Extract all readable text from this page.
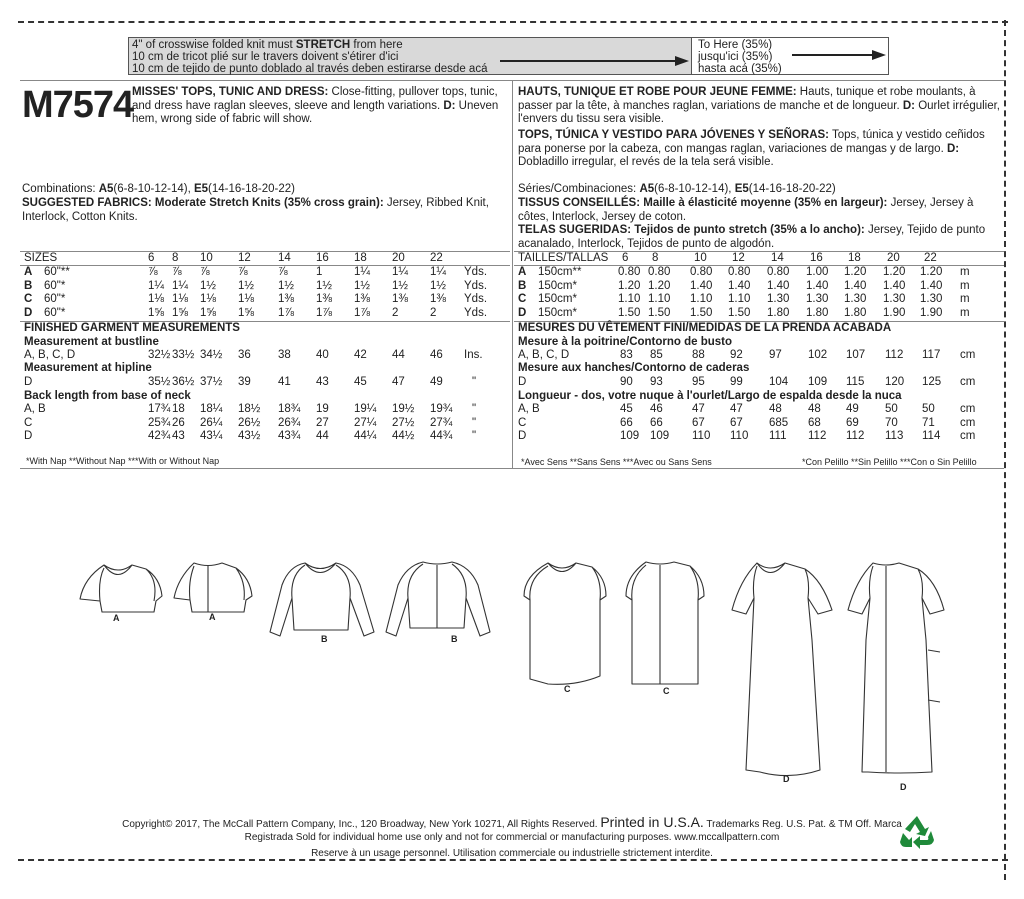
4" of crosswise folded knit must STRETCH from here
10 cm de tricot plié sur le travers doivent s'étirer d'ici
10 cm de tejido de punto doblado al través deben estirarse desde acá
To Here (35%)
jusqu'ici (35%)
hasta acá (35%)
M7574
MISSES' TOPS, TUNIC AND DRESS: Close-fitting, pullover tops, tunic, and dress have raglan sleeves, sleeve and length variations. D: Uneven hem, wrong side of fabric will show.
Combinations: A5(6-8-10-12-14), E5(14-16-18-20-22)
SUGGESTED FABRICS: Moderate Stretch Knits (35% cross grain): Jersey, Ribbed Knit, Interlock, Cotton Knits.
SIZES	6 8 10 12 14 16 18 20 22
A 60"**	⅞ ⅞ ⅞ ⅞	⅞ 1	1¼ 1¼ 1¼ Yds.
B 60"*	1¼ 1¼ 1½ 1½ 1½ 1½ 1½ 1½ 1½ Yds.
C 60"*	1⅛ 1⅛ 1⅛ 1⅛ 1⅜ 1⅜ 1⅜ 1⅜ 1⅜ Yds.
D 60"*	1⅝ 1⅝ 1⅝ 1⅝ 1⅞ 1⅞ 1⅞ 2	2 Yds.
FINISHED GARMENT MEASUREMENTS
Measurement at bustline
A, B, C, D	32½ 33½ 34½ 36 38 40 42 44 46 Ins.
Measurement at hipline
D	35½ 36½ 37½ 39 41 43 45 47 49	"
Back length from base of neck
A, B	17¾ 18 18¼ 18½ 18¾ 19 19¼ 19½ 19¾ "
C	25¾ 26 26¼ 26½ 26¾ 27 27¼ 27½ 27¾ "
D	42¾ 43 43¼ 43½ 43¾ 44 44¼ 44½ 44¾ "
TAILLES/TALLAS 6 8	10 12 14 16 18 20 22
A 150cm**	0.80 0.80 0.80 0.80 0.80 1.00 1.20 1.20 1.20 m
B 150cm*	1.20 1.20 1.40 1.40 1.40 1.40 1.40 1.40 1.40 m
C 150cm*	1.10 1.10 1.10 1.10 1.30 1.30 1.30 1.30 1.30 m
D 150cm*	1.50 1.50 1.50 1.50 1.80 1.80 1.80 1.90 1.90 m
MESURES DU VÊTEMENT FINI/MEDIDAS DE LA PRENDA ACABADA
Mesure à la poitrine/Contorno de busto
A, B, C, D	83 85	88 92 97 102 107 112 117 cm
Mesure aux hanches/Contorno de caderas
D	90 93	95 99 104 109 115 120 125 cm
Longueur - dos, votre nuque à l'ourlet/Largo de espalda desde la nuca
A, B	45 46	47 47 48 48 49 50 50 cm
C	66 66	67 67 685 68 69 70 71 cm
D	109 109 110 110 111 112 112 113 114 cm
HAUTS, TUNIQUE ET ROBE POUR JEUNE FEMME: Hauts, tunique et robe moulants, à passer par la tête, à manches raglan, variations de manche et de longueur. D: Ourlet irrégulier, l'envers du tissu sera visible.
TOPS, TÚNICA Y VESTIDO PARA JÓVENES Y SEÑORAS: Tops, túnica y vestido ceñidos para ponerse por la cabeza, con mangas raglan, variaciones de mangas y de largo. D: Dobladillo irregular, el revés de la tela será visible.
Séries/Combinaciones: A5(6-8-10-12-14), E5(14-16-18-20-22)
TISSUS CONSEILLÉS: Maille à élasticité moyenne (35% en largeur): Jersey, Jersey à côtes, Interlock, Jersey de coton.
TELAS SUGERIDAS: Tejidos de punto stretch (35% a lo ancho): Jersey, Tejido de punto acanalado, Interlock, Tejidos de punto de algodón.
*With Nap **Without Nap ***With or Without Nap	*Avec Sens **Sans Sens ***Avec ou Sans Sens	*Con Pelillo **Sin Pelillo ***Con o Sin Pelillo
A	A
B	B
C	C
D
D
Copyright© 2017, The McCall Pattern Company, Inc., 120 Broadway, New York 10271, All Rights Reserved. Printed in U.S.A. Trademarks Reg. U.S. Pat. & TM Off. Marca
Registrada Sold for individual home use only and not for commercial or manufacturing purposes. www.mccallpattern.com
Reserve à un usage personnel. Utilisation commerciale ou industrielle strictement interdite.
